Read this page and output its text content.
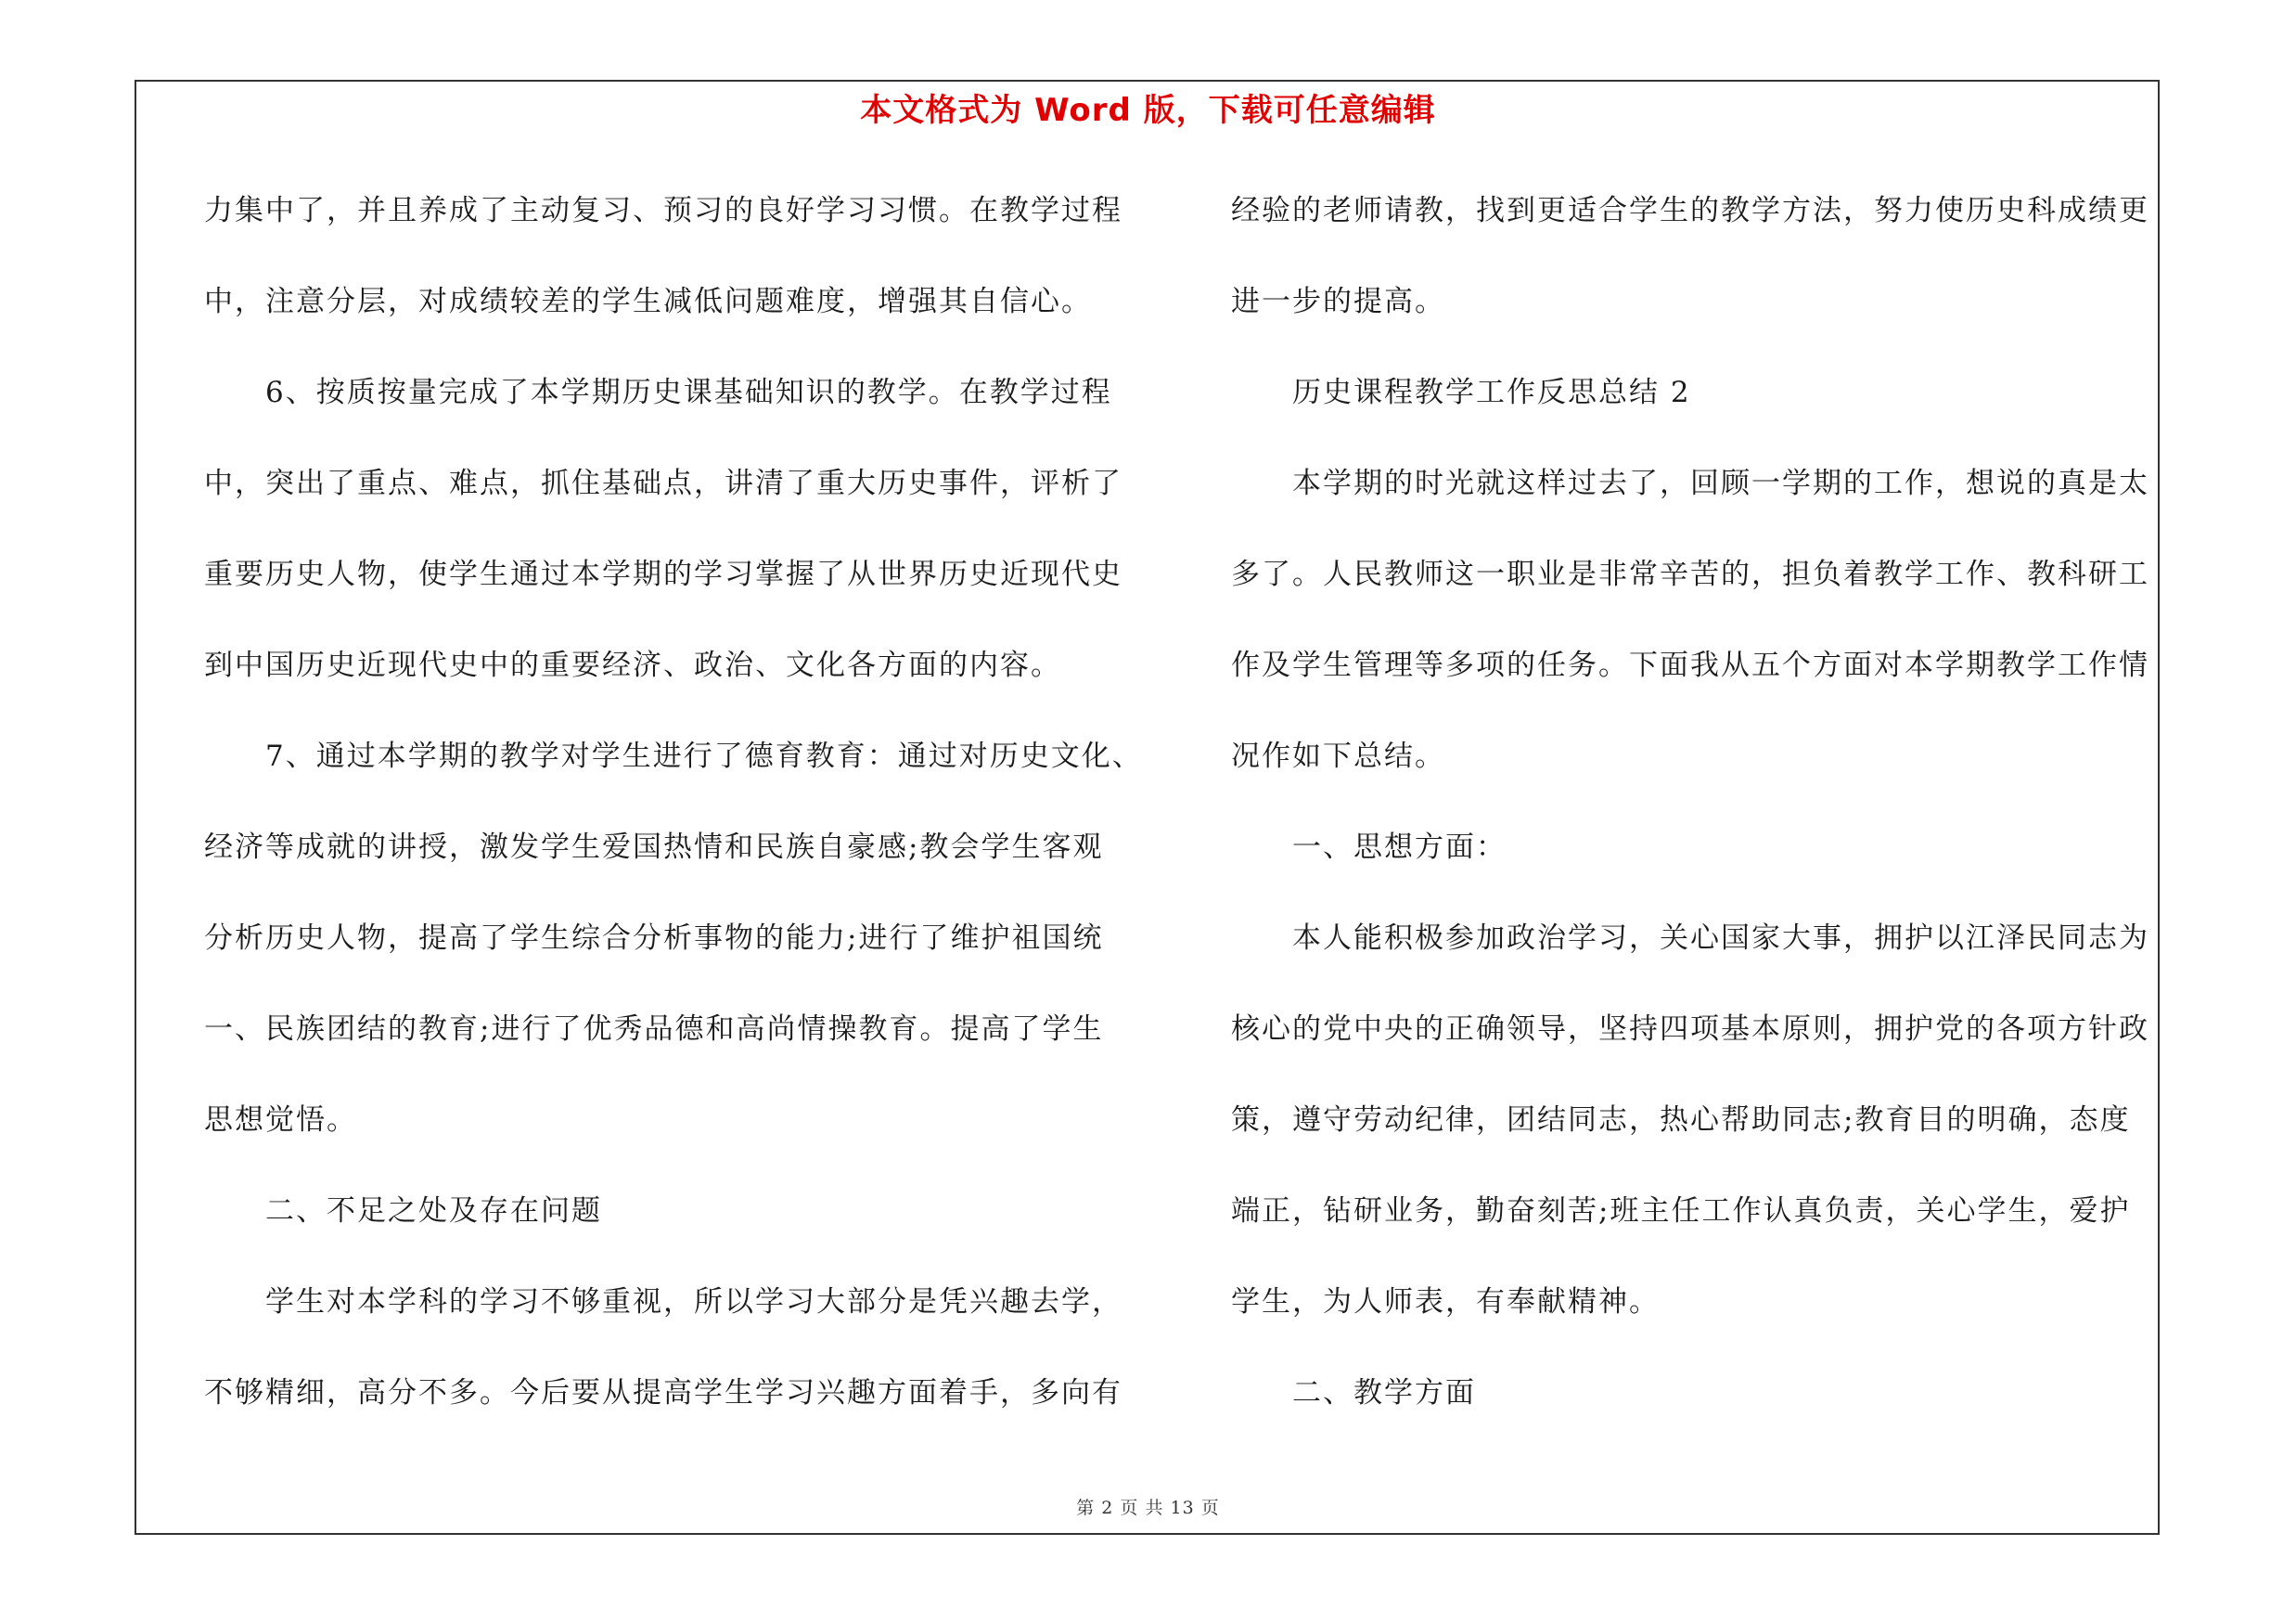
本文格式为 Word 版，下载可任意编辑
力集中了，并且养成了主动复习、预习的良好学习习惯。在教学过程
中，注意分层，对成绩较差的学生减低问题难度，增强其自信心。
6、按质按量完成了本学期历史课基础知识的教学。在教学过程
中，突出了重点、难点，抓住基础点，讲清了重大历史事件，评析了
重要历史人物，使学生通过本学期的学习掌握了从世界历史近现代史
到中国历史近现代史中的重要经济、政治、文化各方面的内容。
7、通过本学期的教学对学生进行了德育教育：通过对历史文化、
经济等成就的讲授，激发学生爱国热情和民族自豪感;教会学生客观
分析历史人物，提高了学生综合分析事物的能力;进行了维护祖国统
一、民族团结的教育;进行了优秀品德和高尚情操教育。提高了学生
思想觉悟。
二、不足之处及存在问题
学生对本学科的学习不够重视，所以学习大部分是凭兴趣去学，
不够精细，高分不多。今后要从提高学生学习兴趣方面着手，多向有
经验的老师请教，找到更适合学生的教学方法，努力使历史科成绩更
进一步的提高。
历史课程教学工作反思总结 2
本学期的时光就这样过去了，回顾一学期的工作，想说的真是太
多了。人民教师这一职业是非常辛苦的，担负着教学工作、教科研工
作及学生管理等多项的任务。下面我从五个方面对本学期教学工作情
况作如下总结。
一、思想方面：
本人能积极参加政治学习，关心国家大事，拥护以江泽民同志为
核心的党中央的正确领导，坚持四项基本原则，拥护党的各项方针政
策，遵守劳动纪律，团结同志，热心帮助同志;教育目的明确，态度
端正，钻研业务，勤奋刻苦;班主任工作认真负责，关心学生，爱护
学生，为人师表，有奉献精神。
二、教学方面
第 2 页 共 13 页
